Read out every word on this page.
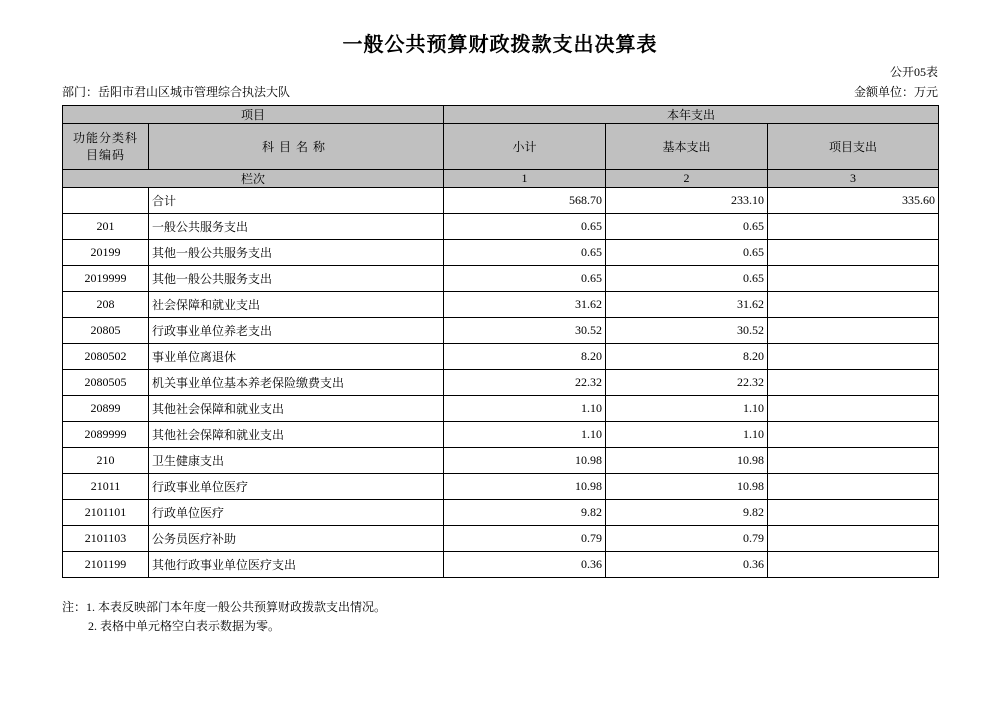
一般公共预算财政拨款支出决算表
公开05表
部门：岳阳市君山区城市管理综合执法大队	金额单位：万元
项目		本年支出		
功能分类科目编码	科目名称	小计	基本支出	项目支出
栏次		1	2	3
	合计	568.70	233.10	335.60
201	一般公共服务支出	0.65	0.65	
20199	其他一般公共服务支出	0.65	0.65	
2019999	其他一般公共服务支出	0.65	0.65	
208	社会保障和就业支出	31.62	31.62	
20805	行政事业单位养老支出	30.52	30.52	
2080502	事业单位离退休	8.20	8.20	
2080505	机关事业单位基本养老保险缴费支出	22.32	22.32	
20899	其他社会保障和就业支出	1.10	1.10	
2089999	其他社会保障和就业支出	1.10	1.10	
210	卫生健康支出	10.98	10.98	
21011	行政事业单位医疗	10.98	10.98	
2101101	行政单位医疗	9.82	9.82	
2101103	公务员医疗补助	0.79	0.79	
2101199	其他行政事业单位医疗支出	0.36	0.36	
注：1. 本表反映部门本年度一般公共预算财政拨款支出情况。
2. 表格中单元格空白表示数据为零。
